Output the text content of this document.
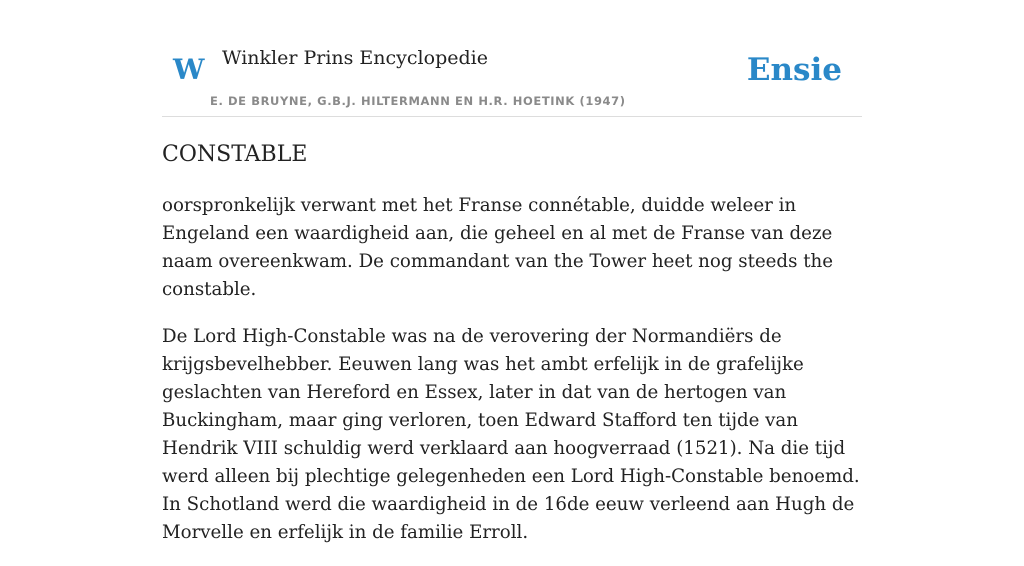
W Winkler Prins Encyclopedie
E. DE BRUYNE, G.B.J. HILTERMANN EN H.R. HOETINK (1947)
Ensie
CONSTABLE

oorspronkelijk verwant met het Franse connétable, duidde weleer in Engeland een waardigheid aan, die geheel en al met de Franse van deze naam overeenkwam. De commandant van the Tower heet nog steeds the constable.

De Lord High-Constable was na de verovering der Normandiërs de krijgsbevelhebber. Eeuwen lang was het ambt erfelijk in de grafelijke geslachten van Hereford en Essex, later in dat van de hertogen van Buckingham, maar ging verloren, toen Edward Stafford ten tijde van Hendrik VIII schuldig werd verklaard aan hoogverraad (1521). Na die tijd werd alleen bij plechtige gelegenheden een Lord High-Constable benoemd. In Schotland werd die waardigheid in de 16de eeuw verleend aan Hugh de Morvelle en erfelijk in de familie Erroll.
